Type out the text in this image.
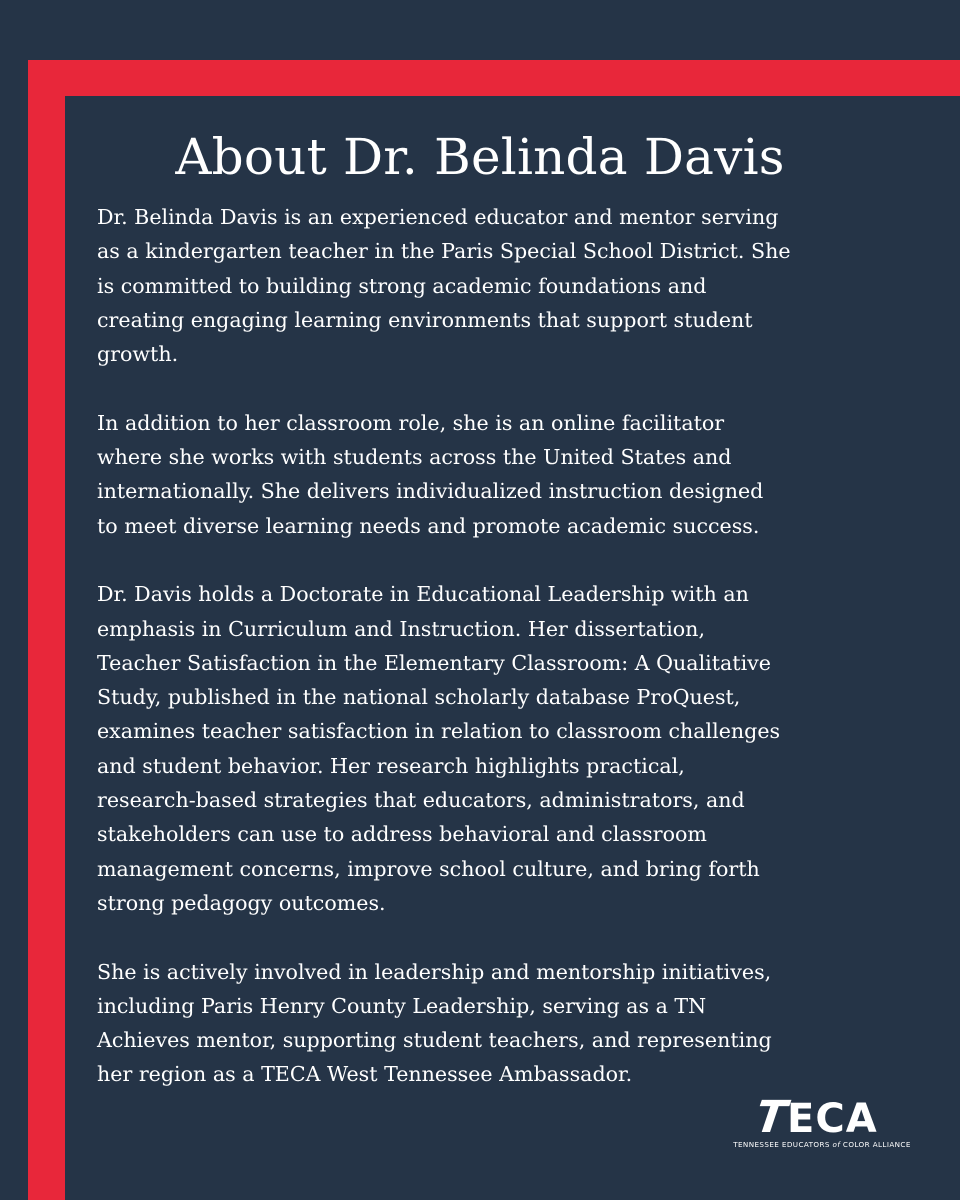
About Dr. Belinda Davis

Dr. Belinda Davis is an experienced educator and mentor serving
as a kindergarten teacher in the Paris Special School District. She
is committed to building strong academic foundations and
creating engaging learning environments that support student
growth.

In addition to her classroom role, she is an online facilitator
where she works with students across the United States and
internationally. She delivers individualized instruction designed
to meet diverse learning needs and promote academic success.

Dr. Davis holds a Doctorate in Educational Leadership with an
emphasis in Curriculum and Instruction. Her dissertation,
Teacher Satisfaction in the Elementary Classroom: A Qualitative
Study, published in the national scholarly database ProQuest,
examines teacher satisfaction in relation to classroom challenges
and student behavior. Her research highlights practical,
research-based strategies that educators, administrators, and
stakeholders can use to address behavioral and classroom
management concerns, improve school culture, and bring forth
strong pedagogy outcomes.

She is actively involved in leadership and mentorship initiatives,
including Paris Henry County Leadership, serving as a TN
Achieves mentor, supporting student teachers, and representing
her region as a TECA West Tennessee Ambassador.

TECA
TENNESSEE EDUCATORS of COLOR ALLIANCE
